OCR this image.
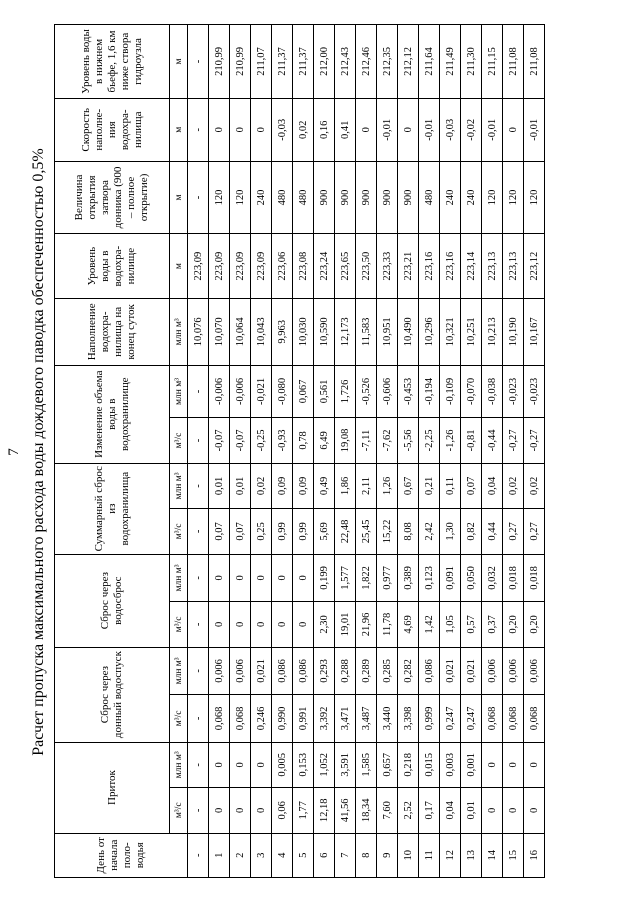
7 Расчет пропуска максимального расхода воды дождевого паводка обеспеченностью 0,5%
День от начала поло-водья	Приток		Сброс через донный водоспуск		Сброс через водосброс		Суммарный сброс из водохранилища		Изменение объема воды в водохранилище		Наполнение водохра-нилища на конец суток	Уровень воды в водохра-нилище	Величина открытия затвора донника (900 – полное открытие)	Скорость наполне-ния водохра-нилища	Уровень воды в нижнем бьефе, 1,6 км ниже створа гидроузла
	м³/с	млн м³	м³/с	млн м³	м³/с	млн м³	м³/с	млн м³	м³/с	млн м³	млн м³	м	м	м	м
-	-	-	-	-	-	-	-	-	-	-	10,076	223,09	-	-	-
1	0	0	0,068	0,006	0	0	0,07	0,01	-0,07	-0,006	10,070	223,09	120	0	210,99
2	0	0	0,068	0,006	0	0	0,07	0,01	-0,07	-0,006	10,064	223,09	120	0	210,99
3	0	0	0,246	0,021	0	0	0,25	0,02	-0,25	-0,021	10,043	223,09	240	0	211,07
4	0,06	0,005	0,990	0,086	0	0	0,99	0,09	-0,93	-0,080	9,963	223,06	480	-0,03	211,37
5	1,77	0,153	0,991	0,086	0	0	0,99	0,09	0,78	0,067	10,030	223,08	480	0,02	211,37
6	12,18	1,052	3,392	0,293	2,30	0,199	5,69	0,49	6,49	0,561	10,590	223,24	900	0,16	212,00
7	41,56	3,591	3,471	0,288	19,01	1,577	22,48	1,86	19,08	1,726	12,173	223,65	900	0,41	212,43
8	18,34	1,585	3,487	0,289	21,96	1,822	25,45	2,11	-7,11	-0,526	11,583	223,50	900	0	212,46
9	7,60	0,657	3,440	0,285	11,78	0,977	15,22	1,26	-7,62	-0,606	10,951	223,33	900	-0,01	212,35
10	2,52	0,218	3,398	0,282	4,69	0,389	8,08	0,67	-5,56	-0,453	10,490	223,21	900	0	212,12
11	0,17	0,015	0,999	0,086	1,42	0,123	2,42	0,21	-2,25	-0,194	10,296	223,16	480	-0,01	211,64
12	0,04	0,003	0,247	0,021	1,05	0,091	1,30	0,11	-1,26	-0,109	10,321	223,16	240	-0,03	211,49
13	0,01	0,001	0,247	0,021	0,57	0,050	0,82	0,07	-0,81	-0,070	10,251	223,14	240	-0,02	211,30
14	0	0	0,068	0,006	0,37	0,032	0,44	0,04	-0,44	-0,038	10,213	223,13	120	-0,01	211,15
15	0	0	0,068	0,006	0,20	0,018	0,27	0,02	-0,27	-0,023	10,190	223,13	120	0	211,08
16	0	0	0,068	0,006	0,20	0,018	0,27	0,02	-0,27	-0,023	10,167	223,12	120	-0,01	211,08
